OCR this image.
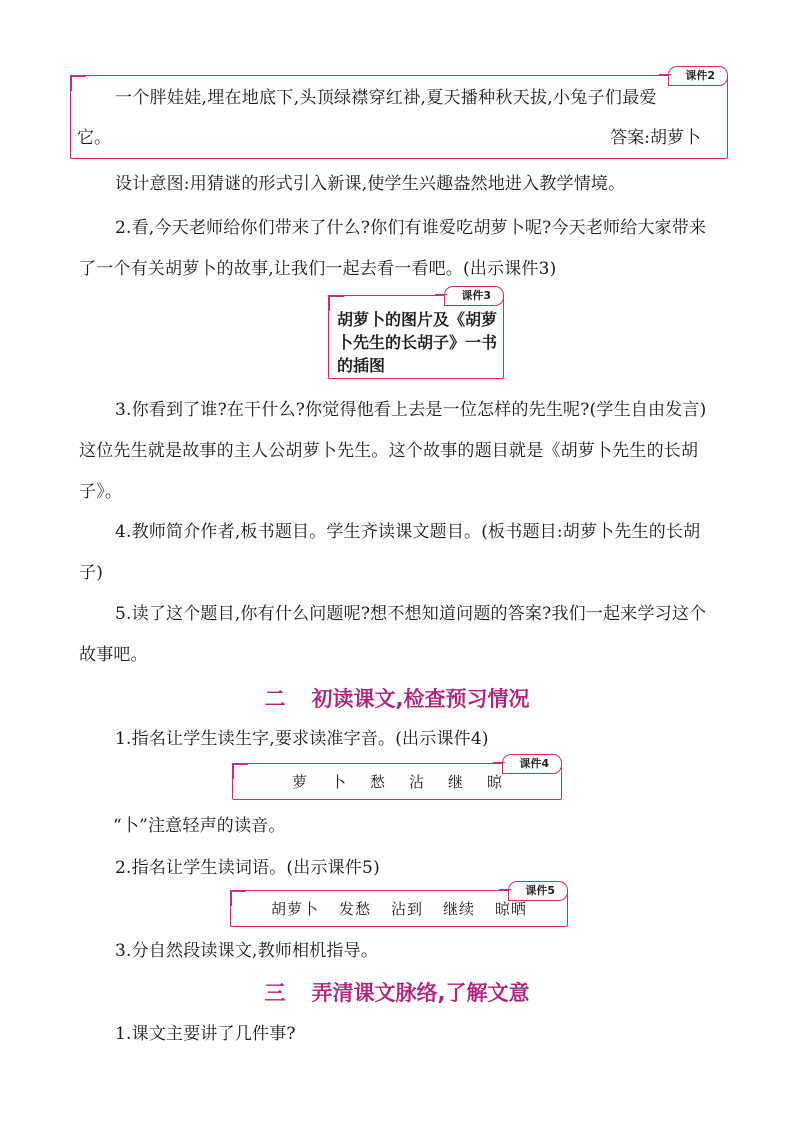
课件2
一个胖娃娃,埋在地底下,头顶绿襟穿红褂,夏天播种秋天拔,小兔子们最爱
它。	答案:胡萝卜

设计意图:用猜谜的形式引入新课,使学生兴趣盎然地进入教学情境。

2.看,今天老师给你们带来了什么?你们有谁爱吃胡萝卜呢?今天老师给大家带来了一个有关胡萝卜的故事,让我们一起去看一看吧。(出示课件3)

课件3
胡萝卜的图片及《胡萝卜先生的长胡子》一书的插图

3.你看到了谁?在干什么?你觉得他看上去是一位怎样的先生呢?(学生自由发言)这位先生就是故事的主人公胡萝卜先生。这个故事的题目就是《胡萝卜先生的长胡子》。

4.教师简介作者,板书题目。学生齐读课文题目。(板书题目:胡萝卜先生的长胡子)

5.读了这个题目,你有什么问题呢?想不想知道问题的答案?我们一起来学习这个故事吧。

二 初读课文,检查预习情况

1.指名让学生读生字,要求读准字音。(出示课件4)

课件4
萝 卜 愁 沾 继 晾

“卜”注意轻声的读音。

2.指名让学生读词语。(出示课件5)

课件5
胡萝卜 发愁 沾到 继续 晾晒

3.分自然段读课文,教师相机指导。

三 弄清课文脉络,了解文意

1.课文主要讲了几件事?
